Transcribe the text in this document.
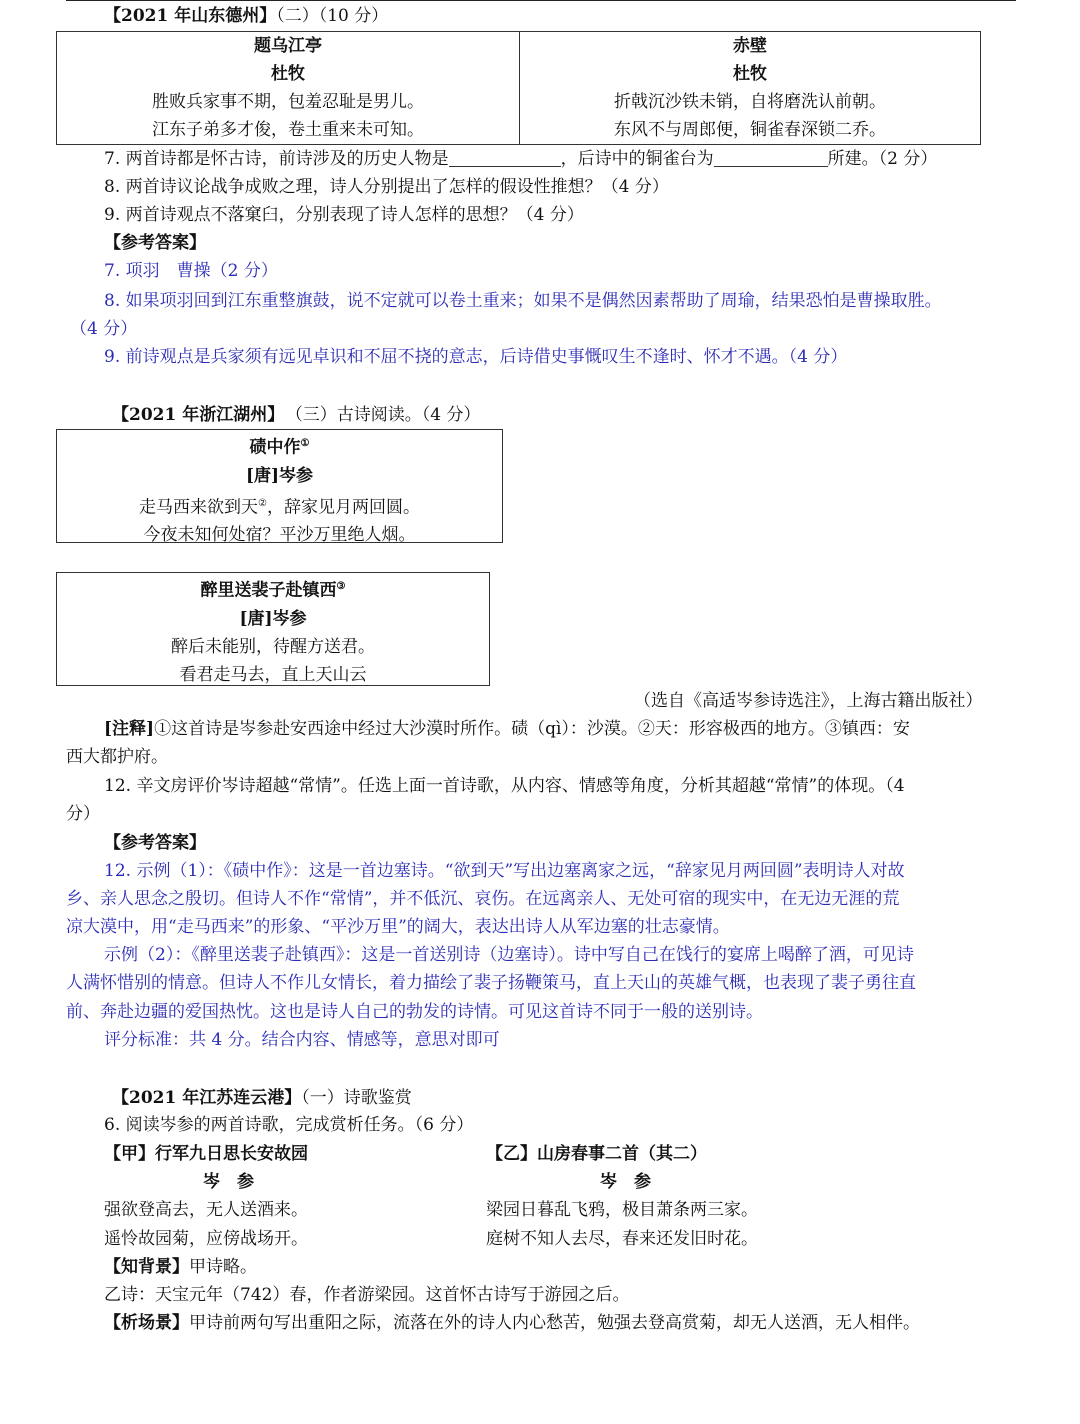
【2021 年山东德州】（二）（10 分）
题乌江亭
杜牧
胜败兵家事不期，包羞忍耻是男儿。
江东子弟多才俊，卷土重来未可知。
赤壁
杜牧
折戟沉沙铁未销，自将磨洗认前朝。
东风不与周郎便，铜雀春深锁二乔。
7. 两首诗都是怀古诗，前诗涉及的历史人物是	，后诗中的铜雀台为	所建。（2 分）
8. 两首诗议论战争成败之理，诗人分别提出了怎样的假设性推想？（4 分）
9. 两首诗观点不落窠臼，分别表现了诗人怎样的思想？（4 分）
【参考答案】
7. 项羽　曹操（2 分）
8. 如果项羽回到江东重整旗鼓，说不定就可以卷土重来；如果不是偶然因素帮助了周瑜，结果恐怕是曹操取胜。
（4 分）
9. 前诗观点是兵家须有远见卓识和不屈不挠的意志，后诗借史事慨叹生不逢时、怀才不遇。（4 分）
【2021 年浙江湖州】 （三）古诗阅读。（4 分）
碛中作①
[唐]岑参
走马西来欲到天②，辞家见月两回圆。
今夜未知何处宿？平沙万里绝人烟。
醉里送裴子赴镇西③
[唐]岑参
醉后未能别，待醒方送君。
看君走马去，直上天山云
（选自《高适岑参诗选注》，上海古籍出版社）
[注释]①这首诗是岑参赴安西途中经过大沙漠时所作。碛（qì）：沙漠。②天：形容极西的地方。③镇西：安
西大都护府。
12. 辛文房评价岑诗超越“常情”。任选上面一首诗歌，从内容、情感等角度，分析其超越“常情”的体现。（4
分）
【参考答案】
12. 示例（1）：《碛中作》：这是一首边塞诗。“欲到天”写出边塞离家之远，“辞家见月两回圆”表明诗人对故
乡、亲人思念之殷切。但诗人不作“常情”，并不低沉、哀伤。在远离亲人、无处可宿的现实中，在无边无涯的荒
凉大漠中，用“走马西来”的形象、“平沙万里”的阔大，表达出诗人从军边塞的壮志豪情。
示例（2）：《醉里送裴子赴镇西》：这是一首送别诗（边塞诗）。诗中写自己在饯行的宴席上喝醉了酒，可见诗
人满怀惜别的情意。但诗人不作儿女情长，着力描绘了裴子扬鞭策马，直上天山的英雄气概，也表现了裴子勇往直
前、奔赴边疆的爱国热忱。这也是诗人自己的勃发的诗情。可见这首诗不同于一般的送别诗。
评分标准：共 4 分。结合内容、情感等，意思对即可
【2021 年江苏连云港】（一）诗歌鉴赏
6. 阅读岑参的两首诗歌，完成赏析任务。（6 分）
【甲】行军九日思长安故园
岑　参
强欲登高去，无人送酒来。
遥怜故园菊，应傍战场开。
【乙】山房春事二首（其二）
岑　参
梁园日暮乱飞鸦，极目萧条两三家。
庭树不知人去尽，春来还发旧时花。
【知背景】甲诗略。
乙诗：天宝元年（742）春，作者游梁园。这首怀古诗写于游园之后。
【析场景】甲诗前两句写出重阳之际，流落在外的诗人内心愁苦，勉强去登高赏菊，却无人送酒，无人相伴。
